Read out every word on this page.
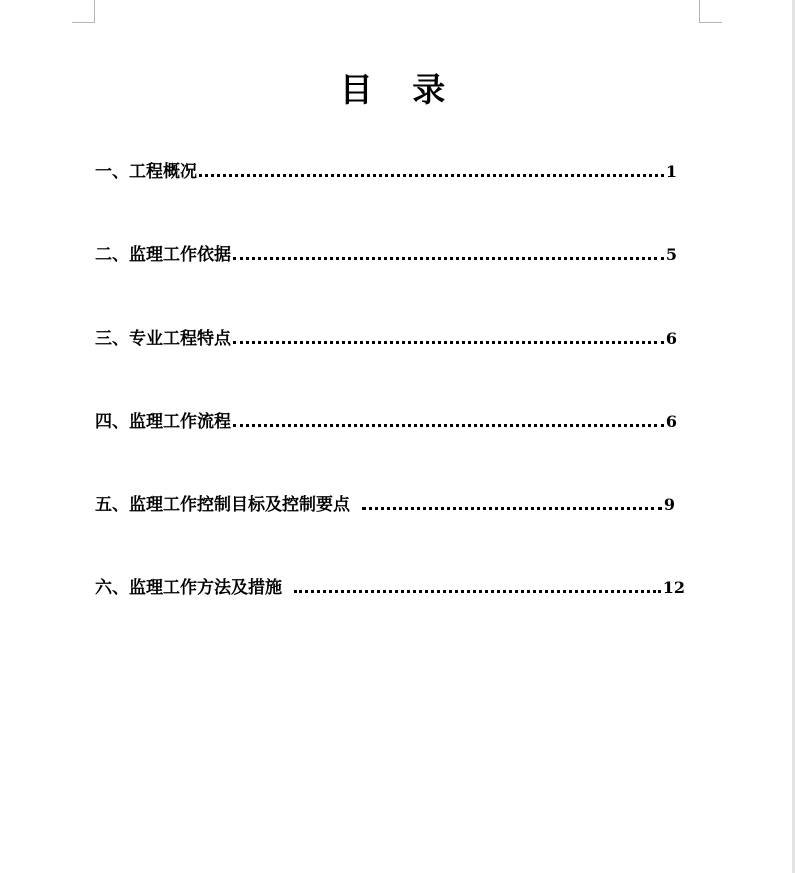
目 录
一、工程概况	1
二、监理工作依据	5
三、专业工程特点	6
四、监理工作流程	6
五、监理工作控制目标及控制要点	9
六、监理工作方法及措施	12
